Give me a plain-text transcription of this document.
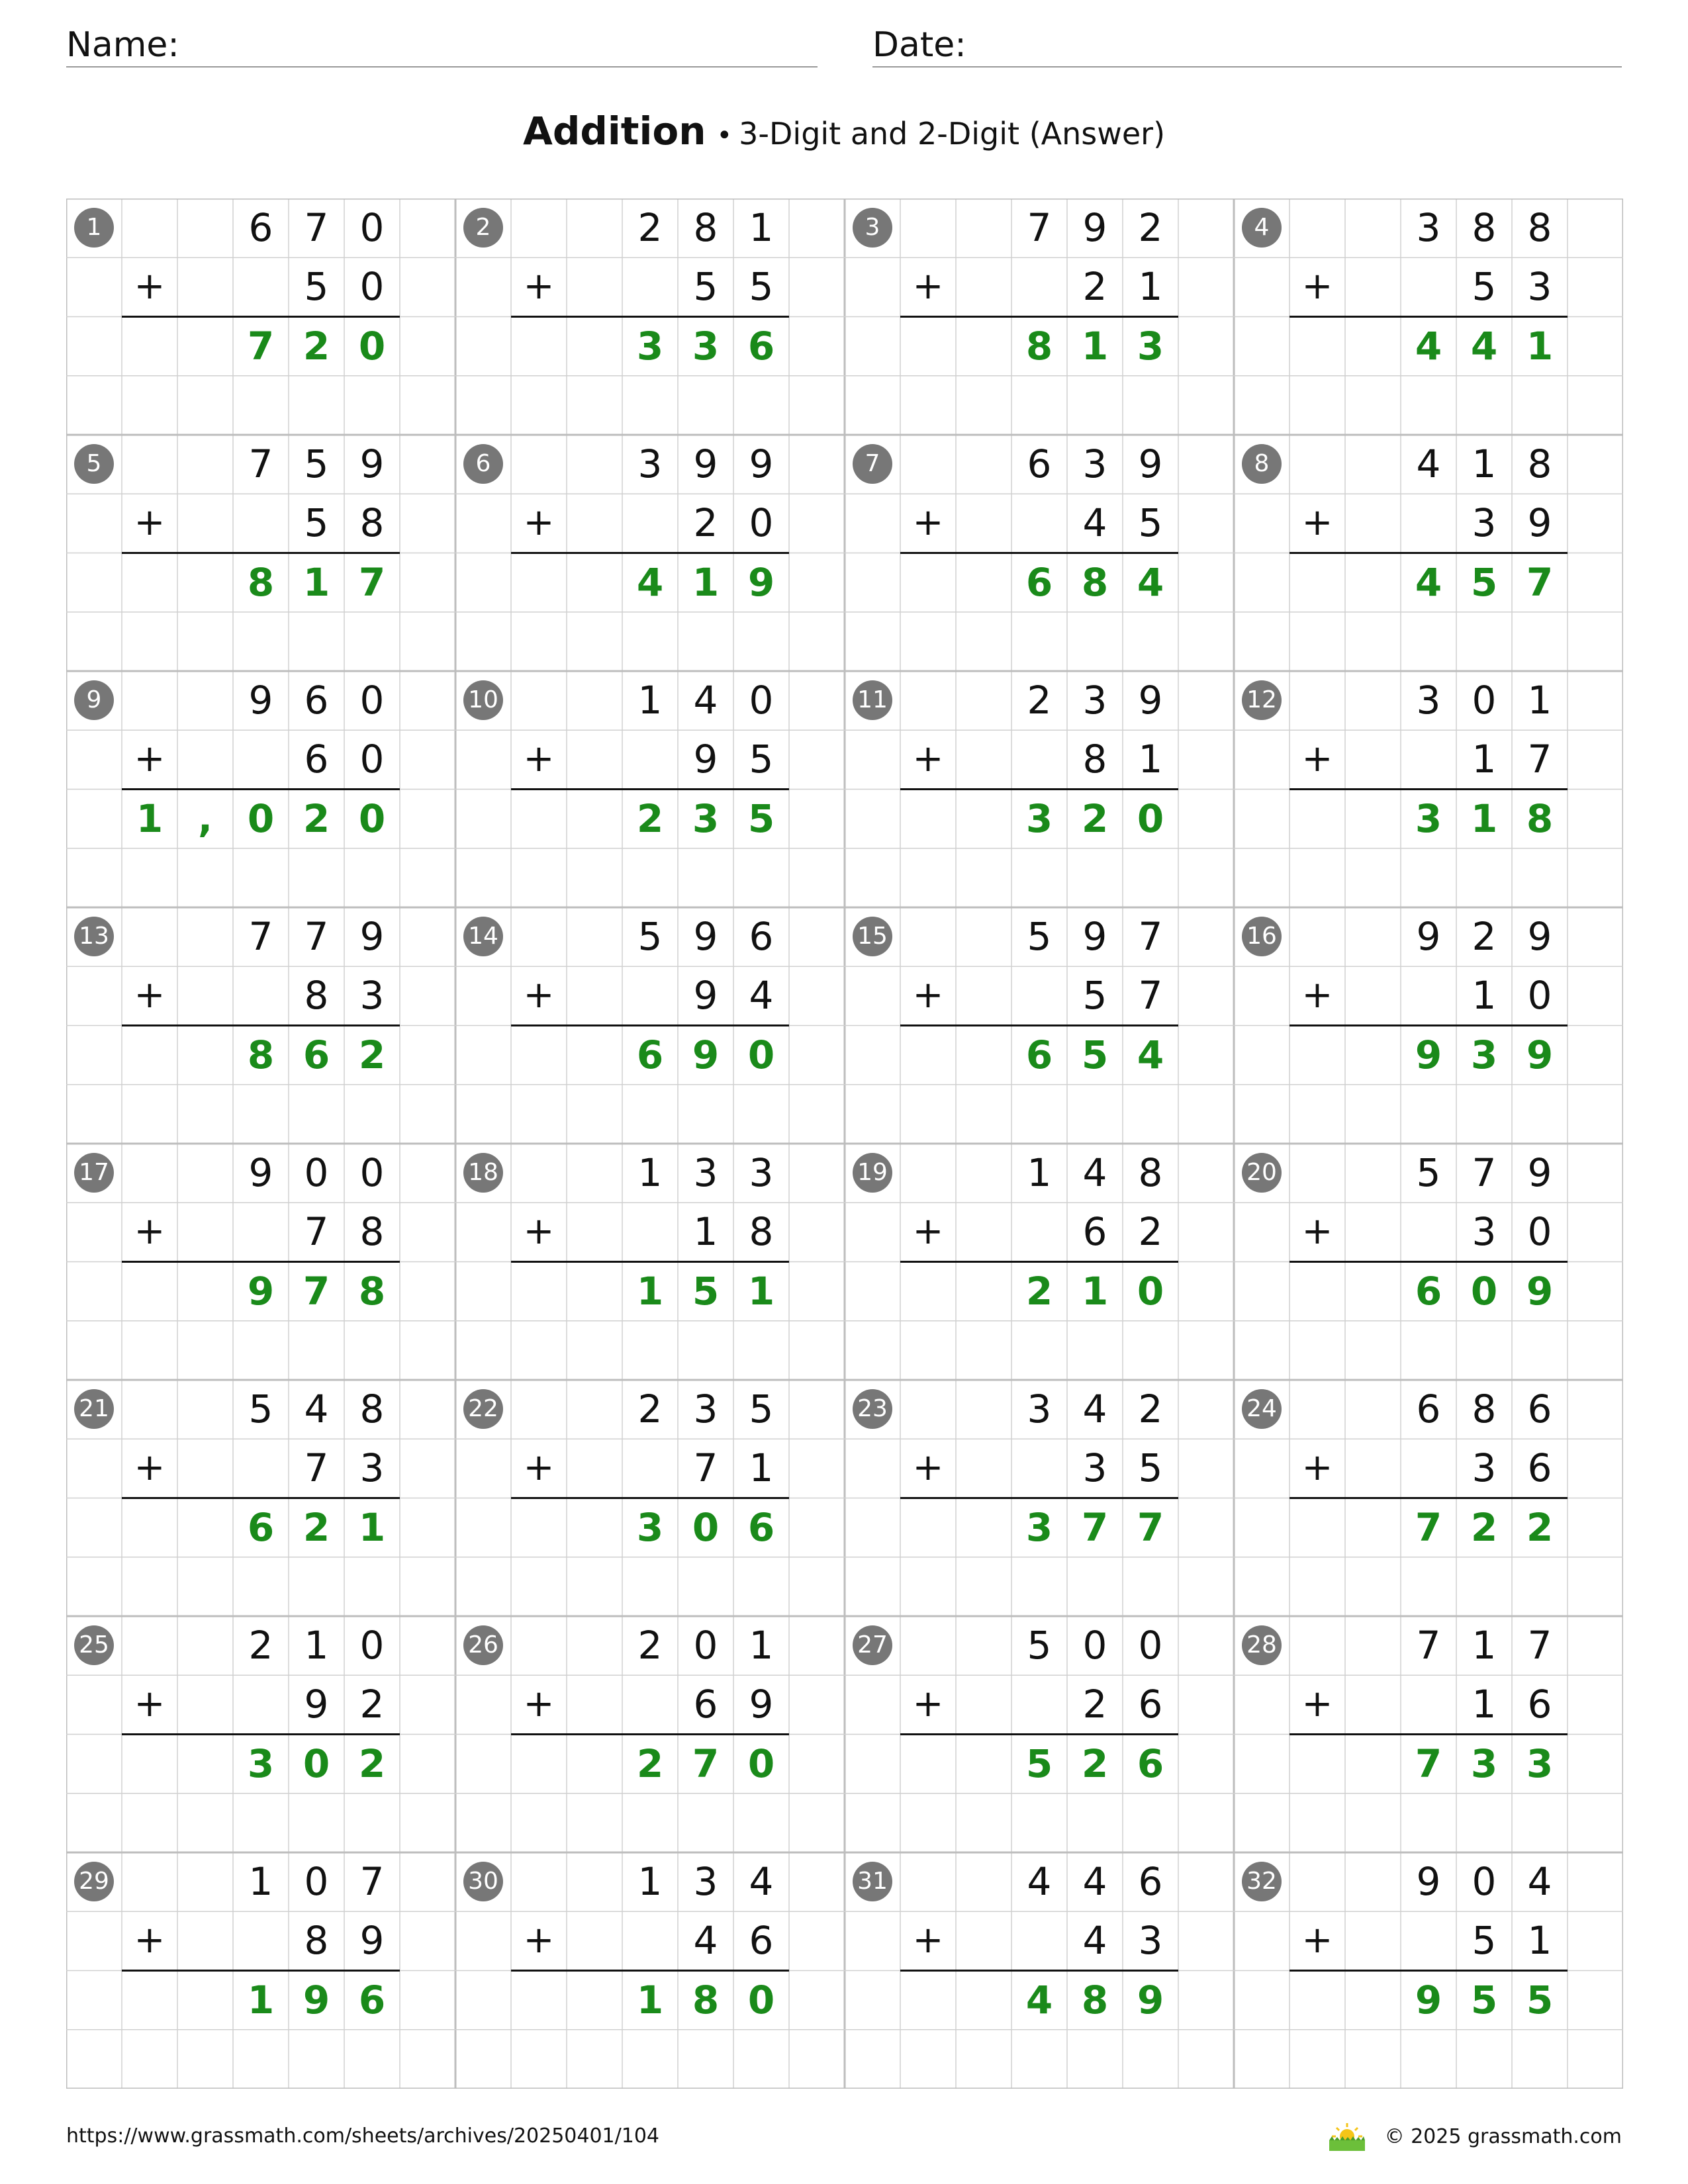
Name:	Date:
Addition • 3-Digit and 2-Digit (Answer)
1	6 7 0
+	5 0
7 2 0
2	2 8 1
+	5 5
3 3 6
3	7 9 2
+	2 1
8 1 3
4	3 8 8
+	5 3
4 4 1
5	7 5 9
+	5 8
8 1 7
6	3 9 9
+	2 0
4 1 9
7	6 3 9
+	4 5
6 8 4
8	4 1 8
+	3 9
4 5 7
9	9 6 0
+	6 0
1 , 0 2 0
10	1 4 0
+	9 5
2 3 5
11	2 3 9
+	8 1
3 2 0
12	3 0 1
+	1 7
3 1 8
13	7 7 9
+	8 3
8 6 2
14	5 9 6
+	9 4
6 9 0
15	5 9 7
+	5 7
6 5 4
16	9 2 9
+	1 0
9 3 9
17	9 0 0
+	7 8
9 7 8
18	1 3 3
+	1 8
1 5 1
19	1 4 8
+	6 2
2 1 0
20	5 7 9
+	3 0
6 0 9
21	5 4 8
+	7 3
6 2 1
22	2 3 5
+	7 1
3 0 6
23	3 4 2
+	3 5
3 7 7
24	6 8 6
+	3 6
7 2 2
25	2 1 0
+	9 2
3 0 2
26	2 0 1
+	6 9
2 7 0
27	5 0 0
+	2 6
5 2 6
28	7 1 7
+	1 6
7 3 3
29	1 0 7
+	8 9
1 9 6
30	1 3 4
+	4 6
1 8 0
31	4 4 6
+	4 3
4 8 9
32	9 0 4
+	5 1
9 5 5
https://www.grassmath.com/sheets/archives/20250401/104	© 2025 grassmath.com
